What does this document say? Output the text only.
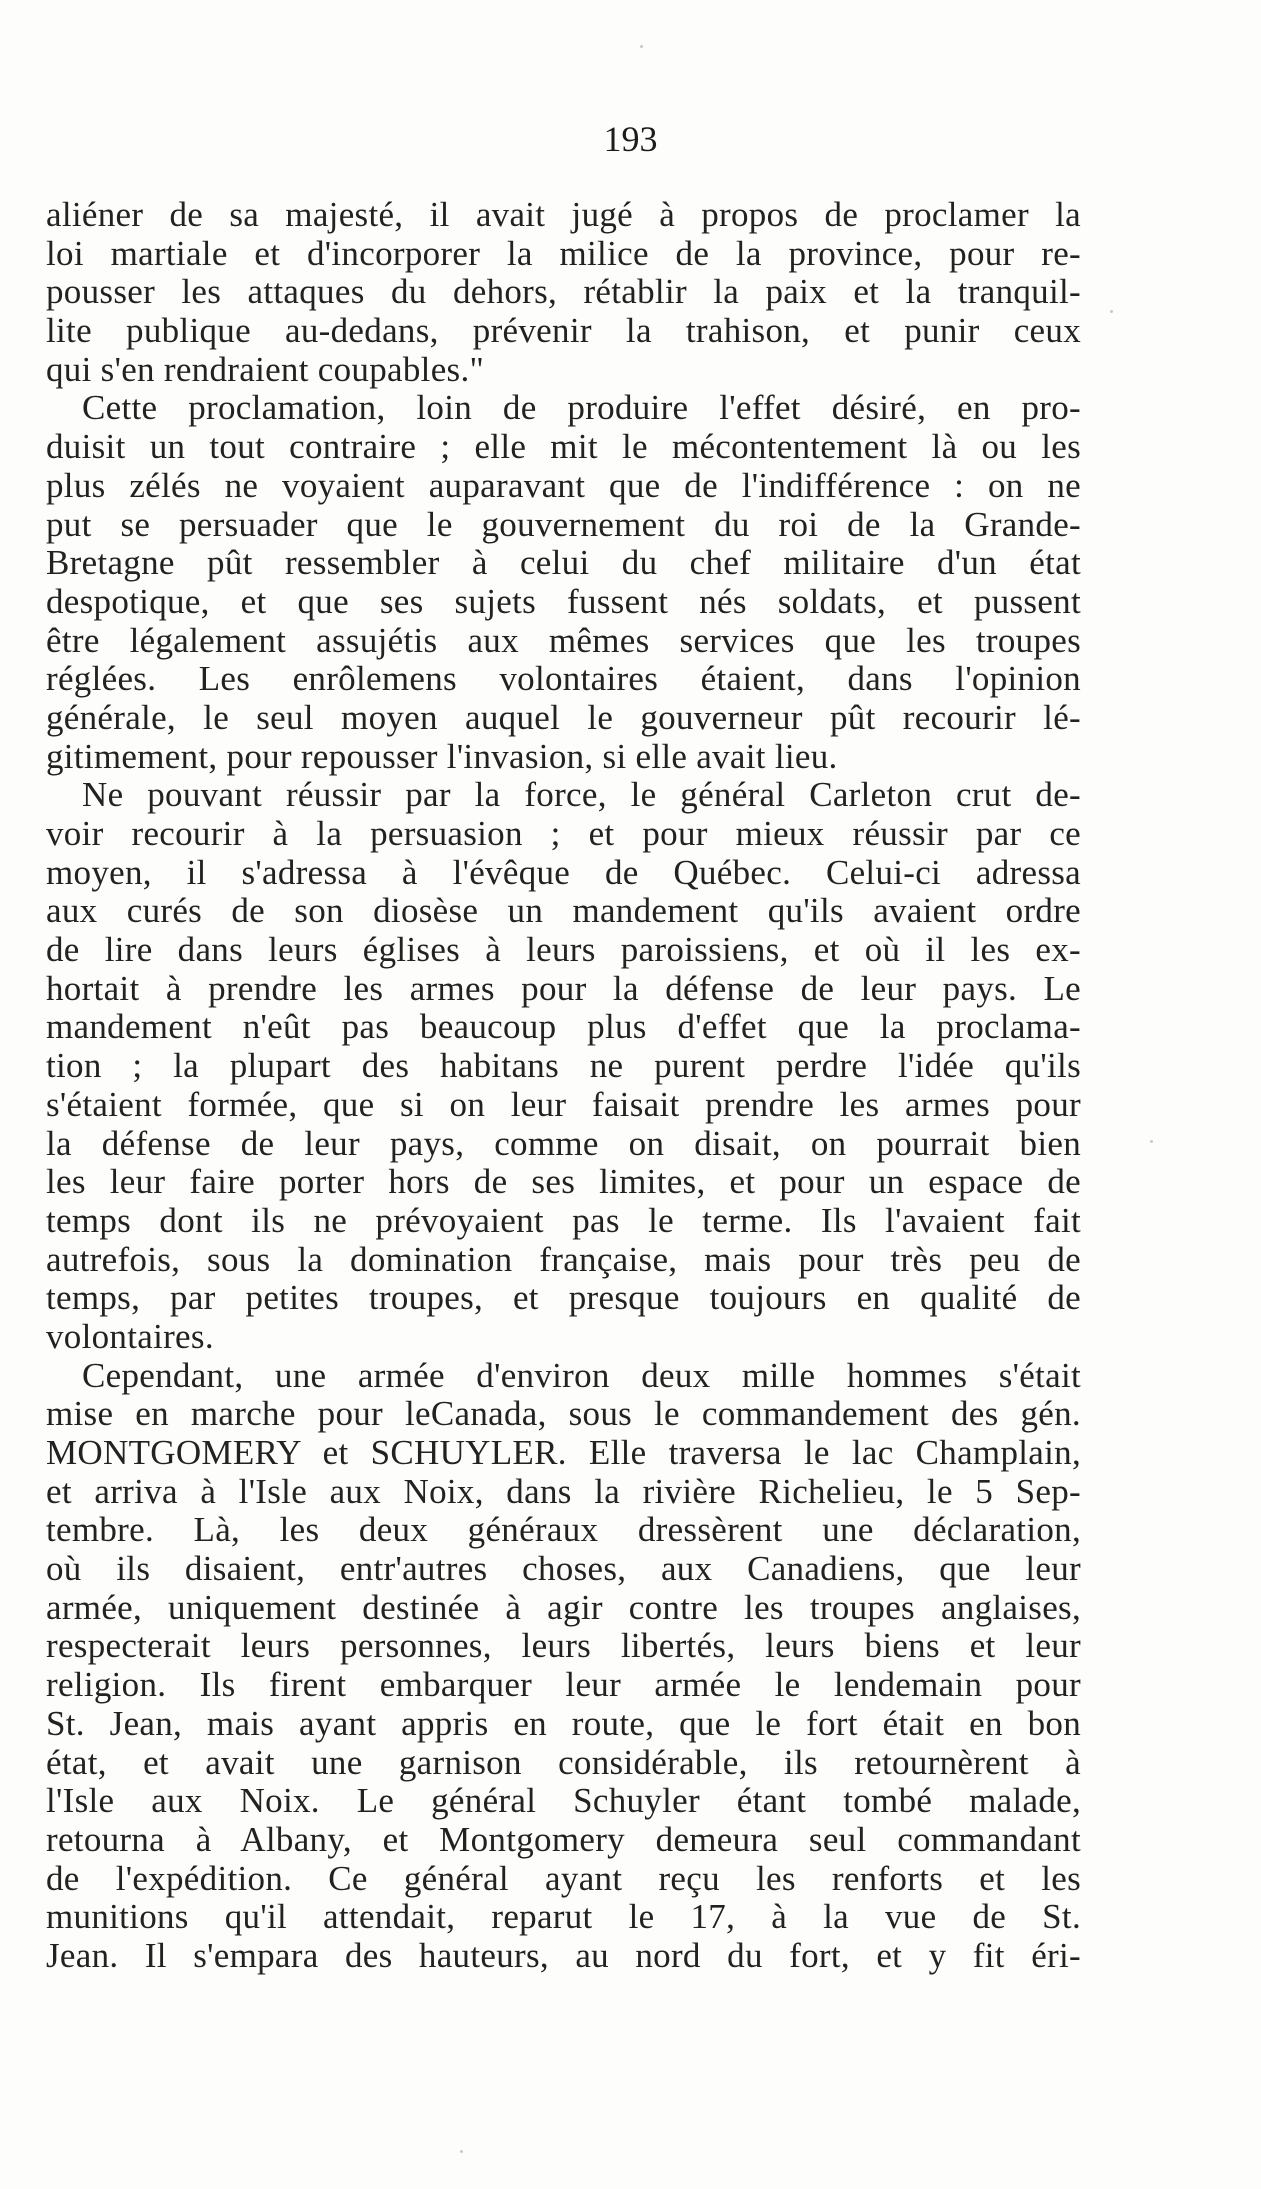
193
aliéner de sa majesté, il avait jugé à propos de proclamer la
loi martiale et d'incorporer la milice de la province, pour re-
pousser les attaques du dehors, rétablir la paix et la tranquil-
lite publique au-dedans, prévenir la trahison, et punir ceux
qui s'en rendraient coupables."
Cette proclamation, loin de produire l'effet désiré, en pro-
duisit un tout contraire ; elle mit le mécontentement là ou les
plus zélés ne voyaient auparavant que de l'indifférence : on ne
put se persuader que le gouvernement du roi de la Grande-
Bretagne pût ressembler à celui du chef militaire d'un état
despotique, et que ses sujets fussent nés soldats, et pussent
être légalement assujétis aux mêmes services que les troupes
réglées. Les enrôlemens volontaires étaient, dans l'opinion
générale, le seul moyen auquel le gouverneur pût recourir lé-
gitimement, pour repousser l'invasion, si elle avait lieu.
Ne pouvant réussir par la force, le général Carleton crut de-
voir recourir à la persuasion ; et pour mieux réussir par ce
moyen, il s'adressa à l'évêque de Québec. Celui-ci adressa
aux curés de son diosèse un mandement qu'ils avaient ordre
de lire dans leurs églises à leurs paroissiens, et où il les ex-
hortait à prendre les armes pour la défense de leur pays. Le
mandement n'eût pas beaucoup plus d'effet que la proclama-
tion ; la plupart des habitans ne purent perdre l'idée qu'ils
s'étaient formée, que si on leur faisait prendre les armes pour
la défense de leur pays, comme on disait, on pourrait bien
les leur faire porter hors de ses limites, et pour un espace de
temps dont ils ne prévoyaient pas le terme. Ils l'avaient fait
autrefois, sous la domination française, mais pour très peu de
temps, par petites troupes, et presque toujours en qualité de
volontaires.
Cependant, une armée d'environ deux mille hommes s'était
mise en marche pour leCanada, sous le commandement des gén.
MONTGOMERY et SCHUYLER. Elle traversa le lac Champlain,
et arriva à l'Isle aux Noix, dans la rivière Richelieu, le 5 Sep-
tembre. Là, les deux généraux dressèrent une déclaration,
où ils disaient, entr'autres choses, aux Canadiens, que leur
armée, uniquement destinée à agir contre les troupes anglaises,
respecterait leurs personnes, leurs libertés, leurs biens et leur
religion. Ils firent embarquer leur armée le lendemain pour
St. Jean, mais ayant appris en route, que le fort était en bon
état, et avait une garnison considérable, ils retournèrent à
l'Isle aux Noix. Le général Schuyler étant tombé malade,
retourna à Albany, et Montgomery demeura seul commandant
de l'expédition. Ce général ayant reçu les renforts et les
munitions qu'il attendait, reparut le 17, à la vue de St.
Jean. Il s'empara des hauteurs, au nord du fort, et y fit éri-
